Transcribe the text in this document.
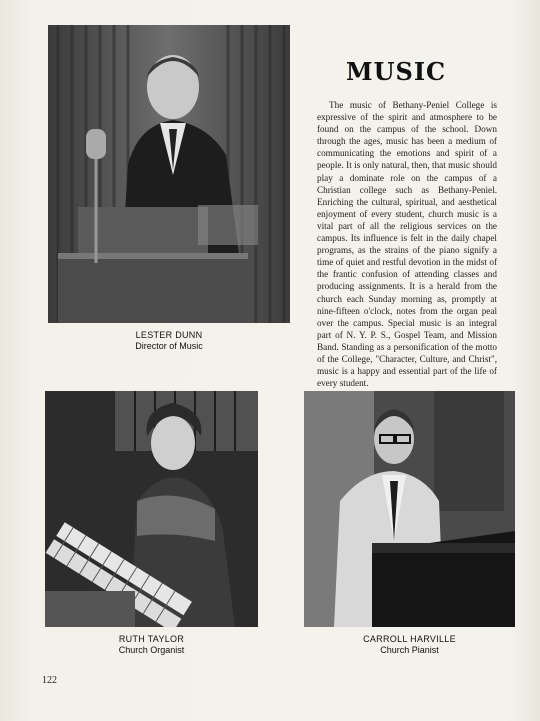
LESTER DUNN
Director of Music
MUSIC

The music of Bethany-Peniel College is expressive of the spirit and atmosphere to be found on the campus of the school. Down through the ages, music has been a medium of communicating the emotions and spirit of a people. It is only natural, then, that music should play a dominate role on the campus of a Christian college such as Bethany-Peniel. Enriching the cultural, spiritual, and aesthetical enjoyment of every student, church music is a vital part of all the religious services on the campus. Its influence is felt in the daily chapel programs, as the strains of the piano signify a time of quiet and restful devotion in the midst of the frantic confusion of attending classes and producing assignments. It is a herald from the church each Sunday morning as, promptly at nine-fifteen o'clock, notes from the organ peal over the campus. Special music is an integral part of N. Y. P. S., Gospel Team, and Mission Band. Standing as a personification of the motto of the College, "Character, Culture, and Christ", music is a happy and essential part of the life of every student.

RUTH TAYLOR
Church Organist
CARROLL HARVILLE
Church Pianist
122
